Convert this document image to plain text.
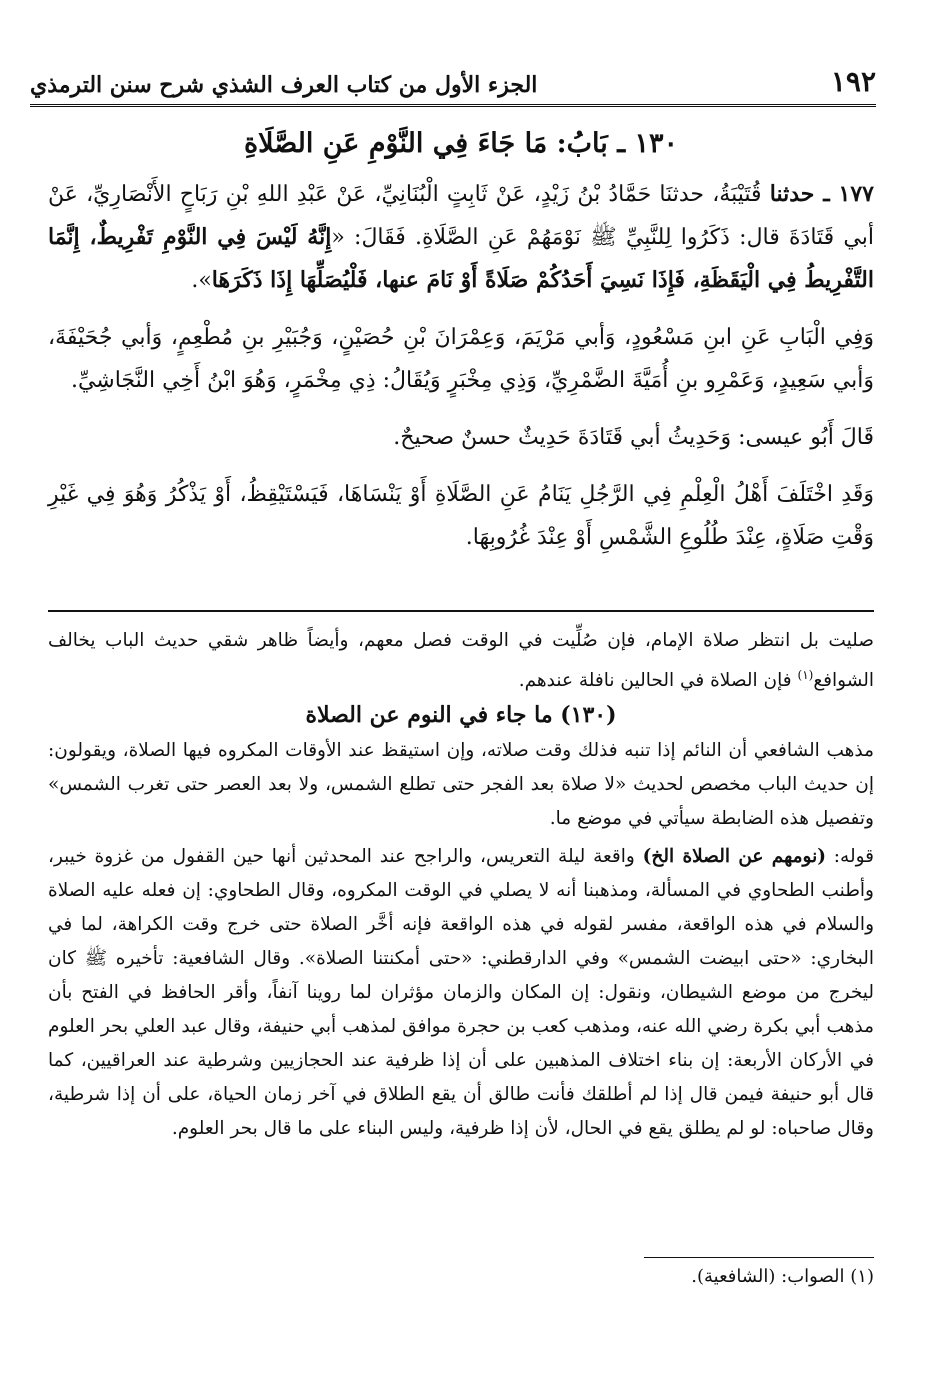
١٩٢
الجزء الأول من كتاب العرف الشذي شرح سنن الترمذي
١٣٠ ـ بَابُ: مَا جَاءَ فِي النَّوْمِ عَنِ الصَّلَاةِ

١٧٧ ـ حدثنا قُتَيْبَةُ، حدثنَا حَمَّادُ بْنُ زَيْدٍ، عَنْ ثَابِتٍ الْبُنَانِيِّ، عَنْ عَبْدِ اللهِ بْنِ رَبَاحٍ الأَنْصَارِيِّ، عَنْ أبي قَتَادَةَ قال: ذَكَرُوا لِلنَّبِيِّ ﷺ نَوْمَهُمْ عَنِ الصَّلَاةِ. فَقَالَ: «إِنَّهُ لَيْسَ فِي النَّوْمِ تَفْرِيطٌ، إِنَّمَا التَّفْرِيطُ فِي الْيَقَظَةِ، فَإِذَا نَسِيَ أَحَدُكُمْ صَلَاةً أَوْ نَامَ عنها، فَلْيُصَلِّهَا إِذَا ذَكَرَهَا».

وَفِي الْبَابِ عَنِ ابنِ مَسْعُودٍ، وَأبي مَرْيَمَ، وَعِمْرَانَ بْنِ حُصَيْنٍ، وَجُبَيْرِ بنِ مُطْعِمٍ، وَأبي جُحَيْفَةَ، وَأبي سَعِيدٍ، وَعَمْرِو بنِ أُمَيَّةَ الضَّمْرِيِّ، وَذِي مِخْبَرٍ وَيُقَالُ: ذِي مِخْمَرٍ، وَهُوَ ابْنُ أَخِي النَّجَاشِيِّ.

قَالَ أَبُو عيسى: وَحَدِيثُ أبي قَتَادَةَ حَدِيثٌ حسنٌ صحيحٌ.

وَقَدِ اخْتَلَفَ أَهْلُ الْعِلْمِ فِي الرَّجُلِ يَنَامُ عَنِ الصَّلَاةِ أَوْ يَنْسَاهَا، فَيَسْتَيْقِظُ، أَوْ يَذْكُرُ وَهُوَ فِي غَيْرِ وَقْتِ صَلَاةٍ، عِنْدَ طُلُوعِ الشَّمْسِ أَوْ عِنْدَ غُرُوبِهَا.

صليت بل انتظر صلاة الإمام، فإن صُلِّيت في الوقت فصل معهم، وأيضاً ظاهر شقي حديث الباب يخالف الشوافع$^{(١)}$ فإن الصلاة في الحالين نافلة عندهم.

(١٣٠) ما جاء في النوم عن الصلاة

مذهب الشافعي أن النائم إذا تنبه فذلك وقت صلاته، وإن استيقظ عند الأوقات المكروه فيها الصلاة، ويقولون: إن حديث الباب مخصص لحديث «لا صلاة بعد الفجر حتى تطلع الشمس، ولا بعد العصر حتى تغرب الشمس» وتفصيل هذه الضابطة سيأتي في موضع ما.

قوله: (نومهم عن الصلاة الخ) واقعة ليلة التعريس، والراجح عند المحدثين أنها حين القفول من غزوة خيبر، وأطنب الطحاوي في المسألة، ومذهبنا أنه لا يصلي في الوقت المكروه، وقال الطحاوي: إن فعله عليه الصلاة والسلام في هذه الواقعة، مفسر لقوله في هذه الواقعة فإنه أخَّر الصلاة حتى خرج وقت الكراهة، لما في البخاري: «حتى ابيضت الشمس» وفي الدارقطني: «حتى أمكنتنا الصلاة». وقال الشافعية: تأخيره ﷺ كان ليخرج من موضع الشيطان، ونقول: إن المكان والزمان مؤثران لما روينا آنفاً، وأقر الحافظ في الفتح بأن مذهب أبي بكرة رضي الله عنه، ومذهب كعب بن حجرة موافق لمذهب أبي حنيفة، وقال عبد العلي بحر العلوم في الأركان الأربعة: إن بناء اختلاف المذهبين على أن إذا ظرفية عند الحجازيين وشرطية عند العراقيين، كما قال أبو حنيفة فيمن قال إذا لم أطلقك فأنت طالق أن يقع الطلاق في آخر زمان الحياة، على أن إذا شرطية، وقال صاحباه: لو لم يطلق يقع في الحال، لأن إذا ظرفية، وليس البناء على ما قال بحر العلوم.

(١) الصواب: (الشافعية).
